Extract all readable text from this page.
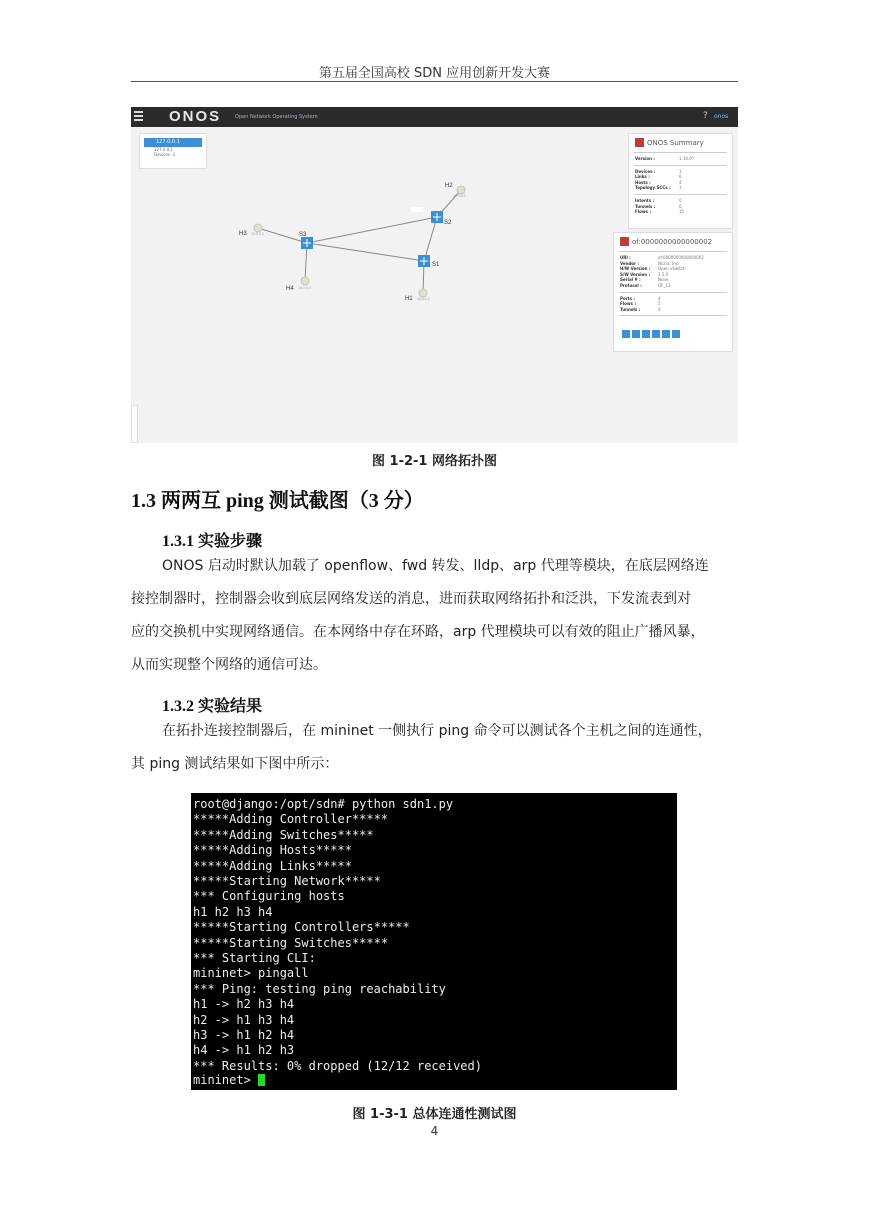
第五届全国高校 SDN 应用创新开发大赛
ONOS	Open Network Operating System	? onos
H2
10.0.0.2
H3 10.0.0.3
H4 10.0.0.4
H1 10.0.0.1
S3
S2
S1
127.0.0.1
127.0.0.1
Devices: 3
ONOS Summary
Version :	1.10.0*
Devices :	3
Links :	6
Hosts :	4
Topology SCCs : 1
Intents :	0
Tunnels :	0
Flows :	15
of:0000000000000002
URI :	of:0000000000000002
Vendor :	Nicira, Inc.
H/W Version : Open vSwitch
S/W Version : 2.5.0
Serial # :	None
Protocol :	OF_13
Ports :	4
Flows :	5
Tunnels :	0
图 1-2-1 网络拓扑图
1.3 两两互 ping 测试截图（3 分）
1.3.1 实验步骤
ONOS 启动时默认加载了 openflow、fwd 转发、lldp、arp 代理等模块，在底层网络连
接控制器时，控制器会收到底层网络发送的消息，进而获取网络拓扑和泛洪，下发流表到对
应的交换机中实现网络通信。在本网络中存在环路，arp 代理模块可以有效的阻止广播风暴，
从而实现整个网络的通信可达。
1.3.2 实验结果
在拓扑连接控制器后，在 mininet 一侧执行 ping 命令可以测试各个主机之间的连通性，
其 ping 测试结果如下图中所示：
root@django:/opt/sdn# python sdn1.py
*****Adding Controller*****
*****Adding Switches*****
*****Adding Hosts*****
*****Adding Links*****
*****Starting Network*****
*** Configuring hosts
h1 h2 h3 h4
*****Starting Controllers*****
*****Starting Switches*****
*** Starting CLI:
mininet> pingall
*** Ping: testing ping reachability
h1 -> h2 h3 h4
h2 -> h1 h3 h4
h3 -> h1 h2 h4
h4 -> h1 h2 h3
*** Results: 0% dropped (12/12 received)
mininet>
图 1-3-1 总体连通性测试图
4
